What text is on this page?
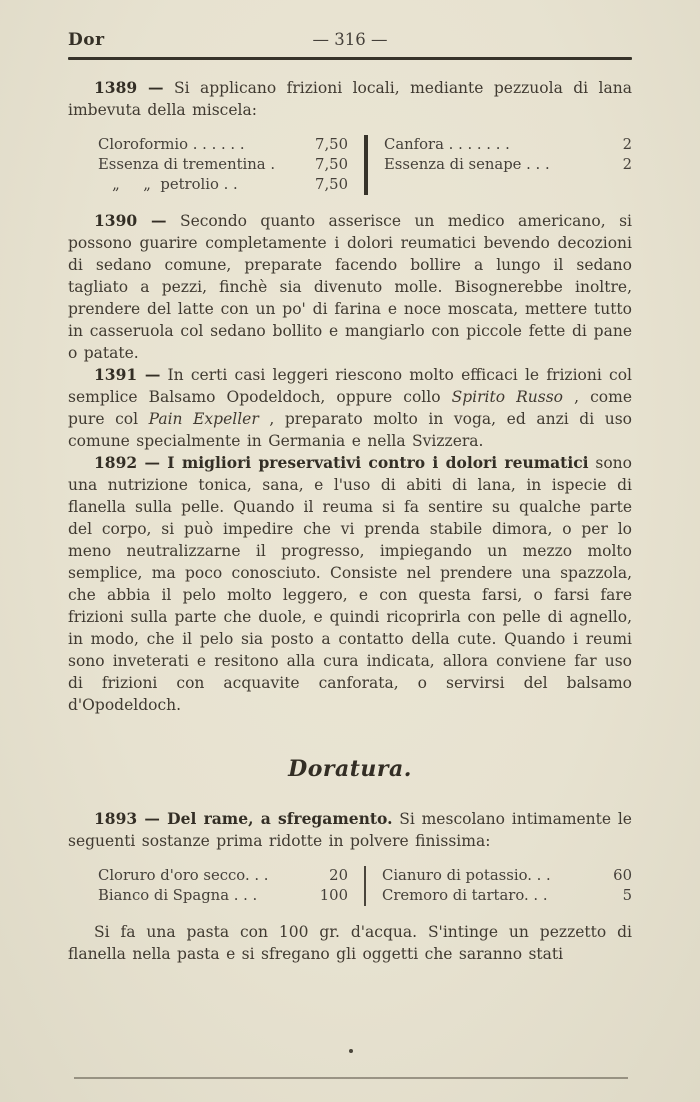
Dor	— 316 —

1389 — Si applicano frizioni locali, mediante pezzuola di lana imbevuta della miscela:

Cloroformio . . . . . .	7,50
Essenza di trementina .	7,50
„     „  petrolio . .	7,50
Canfora . . . . . . .	2
Essenza di senape . . .	2

1390 — Secondo quanto asserisce un medico americano, si possono guarire completamente i dolori reumatici bevendo decozioni di sedano comune, preparate facendo bollire a lungo il sedano tagliato a pezzi, finchè sia divenuto molle. Bisognerebbe inoltre, prendere del latte con un po' di farina e noce moscata, mettere tutto in casseruola col sedano bollito e mangiarlo con piccole fette di pane o patate.

1391 — In certi casi leggeri riescono molto efficaci le frizioni col semplice Balsamo Opodeldoch, oppure collo Spirito Russo , come pure col Pain Expeller , preparato molto in voga, ed anzi di uso comune specialmente in Germania e nella Svizzera.

1892 — I migliori preservativi contro i dolori reumatici sono una nutrizione tonica, sana, e l'uso di abiti di lana, in ispecie di flanella sulla pelle. Quando il reuma si fa sentire su qualche parte del corpo, si può impedire che vi prenda stabile dimora, o per lo meno neutralizzarne il progresso, impiegando un mezzo molto semplice, ma poco conosciuto. Consiste nel prendere una spazzola, che abbia il pelo molto leggero, e con questa farsi, o farsi fare frizioni sulla parte che duole, e quindi ricoprirla con pelle di agnello, in modo, che il pelo sia posto a contatto della cute. Quando i reumi sono inveterati e resitono alla cura indicata, allora conviene far uso di frizioni con acquavite canforata, o servirsi del balsamo d'Opodeldoch.

Doratura.

1893 — Del rame, a sfregamento. Si mescolano intimamente le seguenti sostanze prima ridotte in polvere finissima:

Cloruro d'oro secco. . .	20
Bianco di Spagna . . .	100
Cianuro di potassio. . .	60
Cremoro di tartaro. . .	5

Si fa una pasta con 100 gr. d'acqua. S'intinge un pezzetto di flanella nella pasta e si sfregano gli oggetti che saranno stati
